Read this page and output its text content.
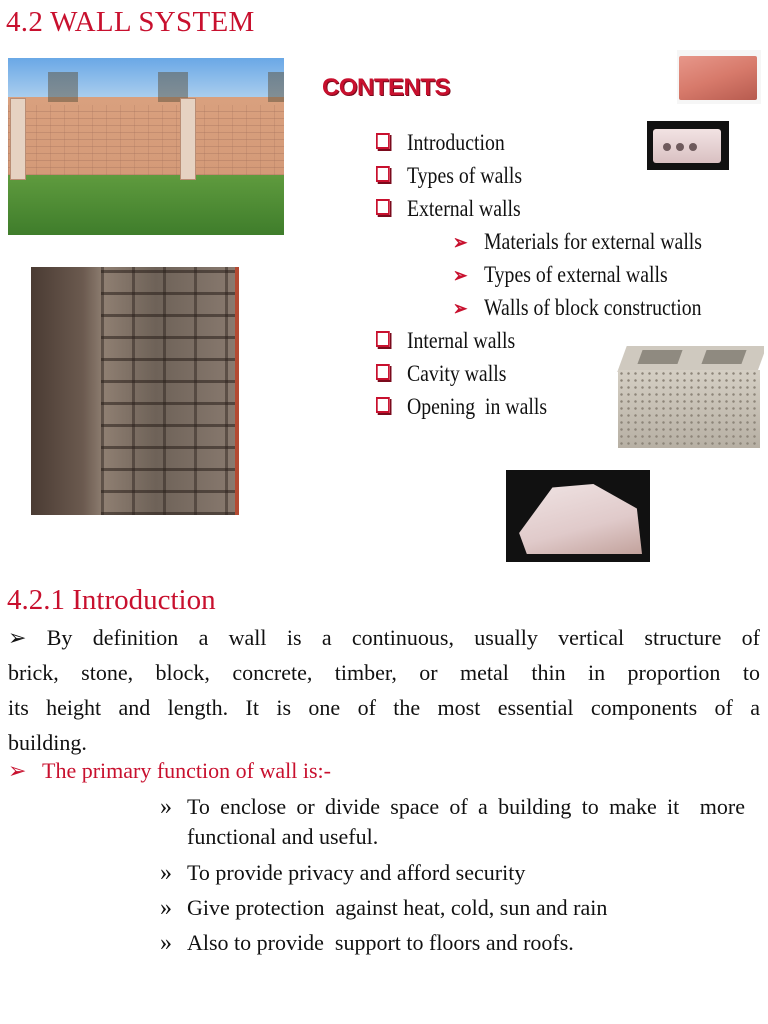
4.2 WALL SYSTEM
CONTENTS
Introduction
Types of walls
External walls
➢ Materials for external walls
➢ Types of external walls
➢ Walls of block construction
Internal walls
Cavity walls
Opening  in walls
4.2.1 Introduction
➢ By definition a wall is a continuous, usually vertical structure of
brick, stone, block, concrete, timber, or metal thin in proportion to
its height and length. It is one of the most essential components of a
building.
➢ The primary function of wall is:-
» To enclose or divide space of a building to make it  more functional and useful.
» To provide privacy and afford security
» Give protection  against heat, cold, sun and rain
» Also to provide  support to floors and roofs.
